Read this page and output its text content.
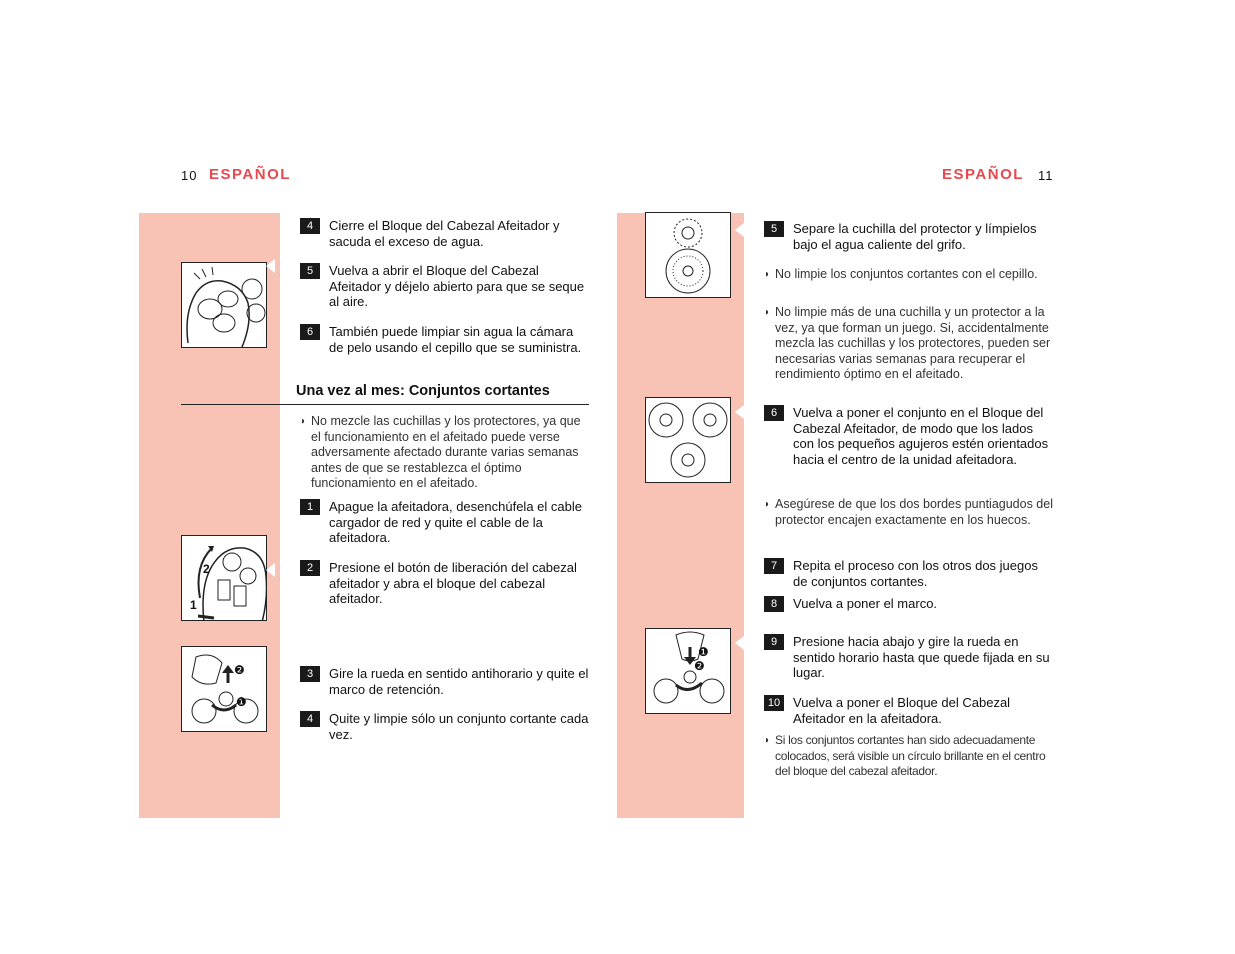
10 ESPAÑOL
2
1
❷
❶
4	Cierre el Bloque del Cabezal Afeitador y sacuda el exceso de agua.
5	Vuelva a abrir el Bloque del Cabezal Afeitador y déjelo abierto para que se seque al aire.
6	También puede limpiar sin agua la cámara de pelo usando el cepillo que se suministra.
Una vez al mes: Conjuntos cortantes
◗ No mezcle las cuchillas y los protectores, ya que el funcionamiento en el afeitado puede verse adversamente afectado durante varias semanas antes de que se restablezca el óptimo funcionamiento en el afeitado.
1	Apague la afeitadora, desenchúfela el cable cargador de red y quite el cable de la afeitadora.
2	Presione el botón de liberación del cabezal afeitador y abra el bloque del cabezal afeitador.
3	Gire la rueda en sentido antihorario y quite el marco de retención.
4	Quite y limpie sólo un conjunto cortante cada vez.
ESPAÑOL 11
❶
❷
5	Separe la cuchilla del protector y límpielos bajo el agua caliente del grifo.
◗ No limpie los conjuntos cortantes con el cepillo.
◗ No limpie más de una cuchilla y un protector a la vez, ya que forman un juego. Si, accidentalmente mezcla las cuchillas y los protectores, pueden ser necesarias varias semanas para recuperar el rendimiento óptimo en el afeitado.
6	Vuelva a poner el conjunto en el Bloque del Cabezal Afeitador, de modo que los lados con los pequeños agujeros estén orientados hacia el centro de la unidad afeitadora.
◗ Asegúrese de que los dos bordes puntiagudos del protector encajen exactamente en los huecos.
7	Repita el proceso con los otros dos juegos de conjuntos cortantes.
8	Vuelva a poner el marco.
9	Presione hacia abajo y gire la rueda en sentido horario hasta que quede fijada en su lugar.
10 Vuelva a poner el Bloque del Cabezal Afeitador en la afeitadora.
◗ Si los conjuntos cortantes han sido adecuadamente colocados, será visible un círculo brillante en el centro del bloque del cabezal afeitador.
